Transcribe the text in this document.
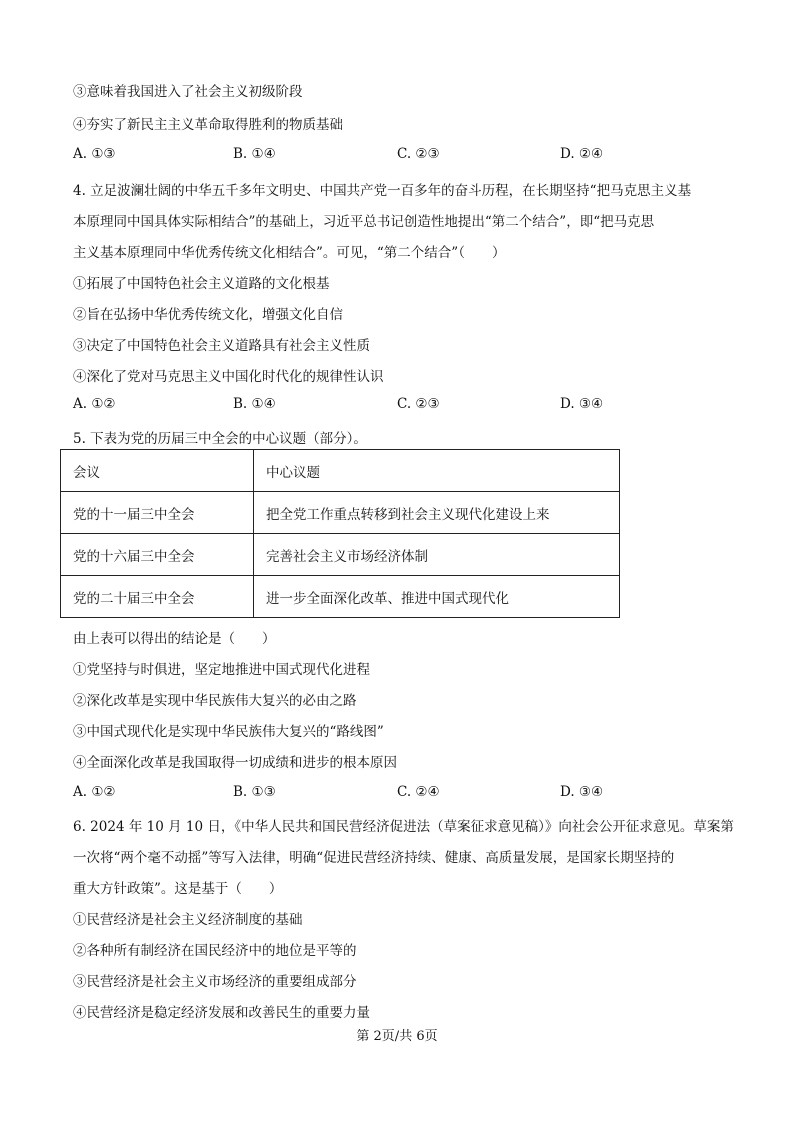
③意味着我国进入了社会主义初级阶段
④夯实了新民主主义革命取得胜利的物质基础
A. ①③	B. ①④	C. ②③	D. ②④
4. 立足波澜壮阔的中华五千多年文明史、中国共产党一百多年的奋斗历程，在长期坚持“把马克思主义基
本原理同中国具体实际相结合”的基础上，习近平总书记创造性地提出“第二个结合”，即“把马克思
主义基本原理同中华优秀传统文化相结合”。可见，“第二个结合”（　　）
①拓展了中国特色社会主义道路的文化根基
②旨在弘扬中华优秀传统文化，增强文化自信
③决定了中国特色社会主义道路具有社会主义性质
④深化了党对马克思主义中国化时代化的规律性认识
A. ①②	B. ①④	C. ②③	D. ③④
5. 下表为党的历届三中全会的中心议题（部分）。
会议	中心议题
党的十一届三中全会	把全党工作重点转移到社会主义现代化建设上来
党的十六届三中全会	完善社会主义市场经济体制
党的二十届三中全会	进一步全面深化改革、推进中国式现代化
由上表可以得出的结论是（　　）
①党坚持与时俱进，坚定地推进中国式现代化进程
②深化改革是实现中华民族伟大复兴的必由之路
③中国式现代化是实现中华民族伟大复兴的“路线图”
④全面深化改革是我国取得一切成绩和进步的根本原因
A. ①②	B. ①③	C. ②④	D. ③④
6. 2024 年 10 月 10 日，《中华人民共和国民营经济促进法（草案征求意见稿）》向社会公开征求意见。草案第
一次将“两个毫不动摇”等写入法律，明确“促进民营经济持续、健康、高质量发展，是国家长期坚持的
重大方针政策”。这是基于（　　）
①民营经济是社会主义经济制度的基础
②各种所有制经济在国民经济中的地位是平等的
③民营经济是社会主义市场经济的重要组成部分
④民营经济是稳定经济发展和改善民生的重要力量
第 2页/共 6页
